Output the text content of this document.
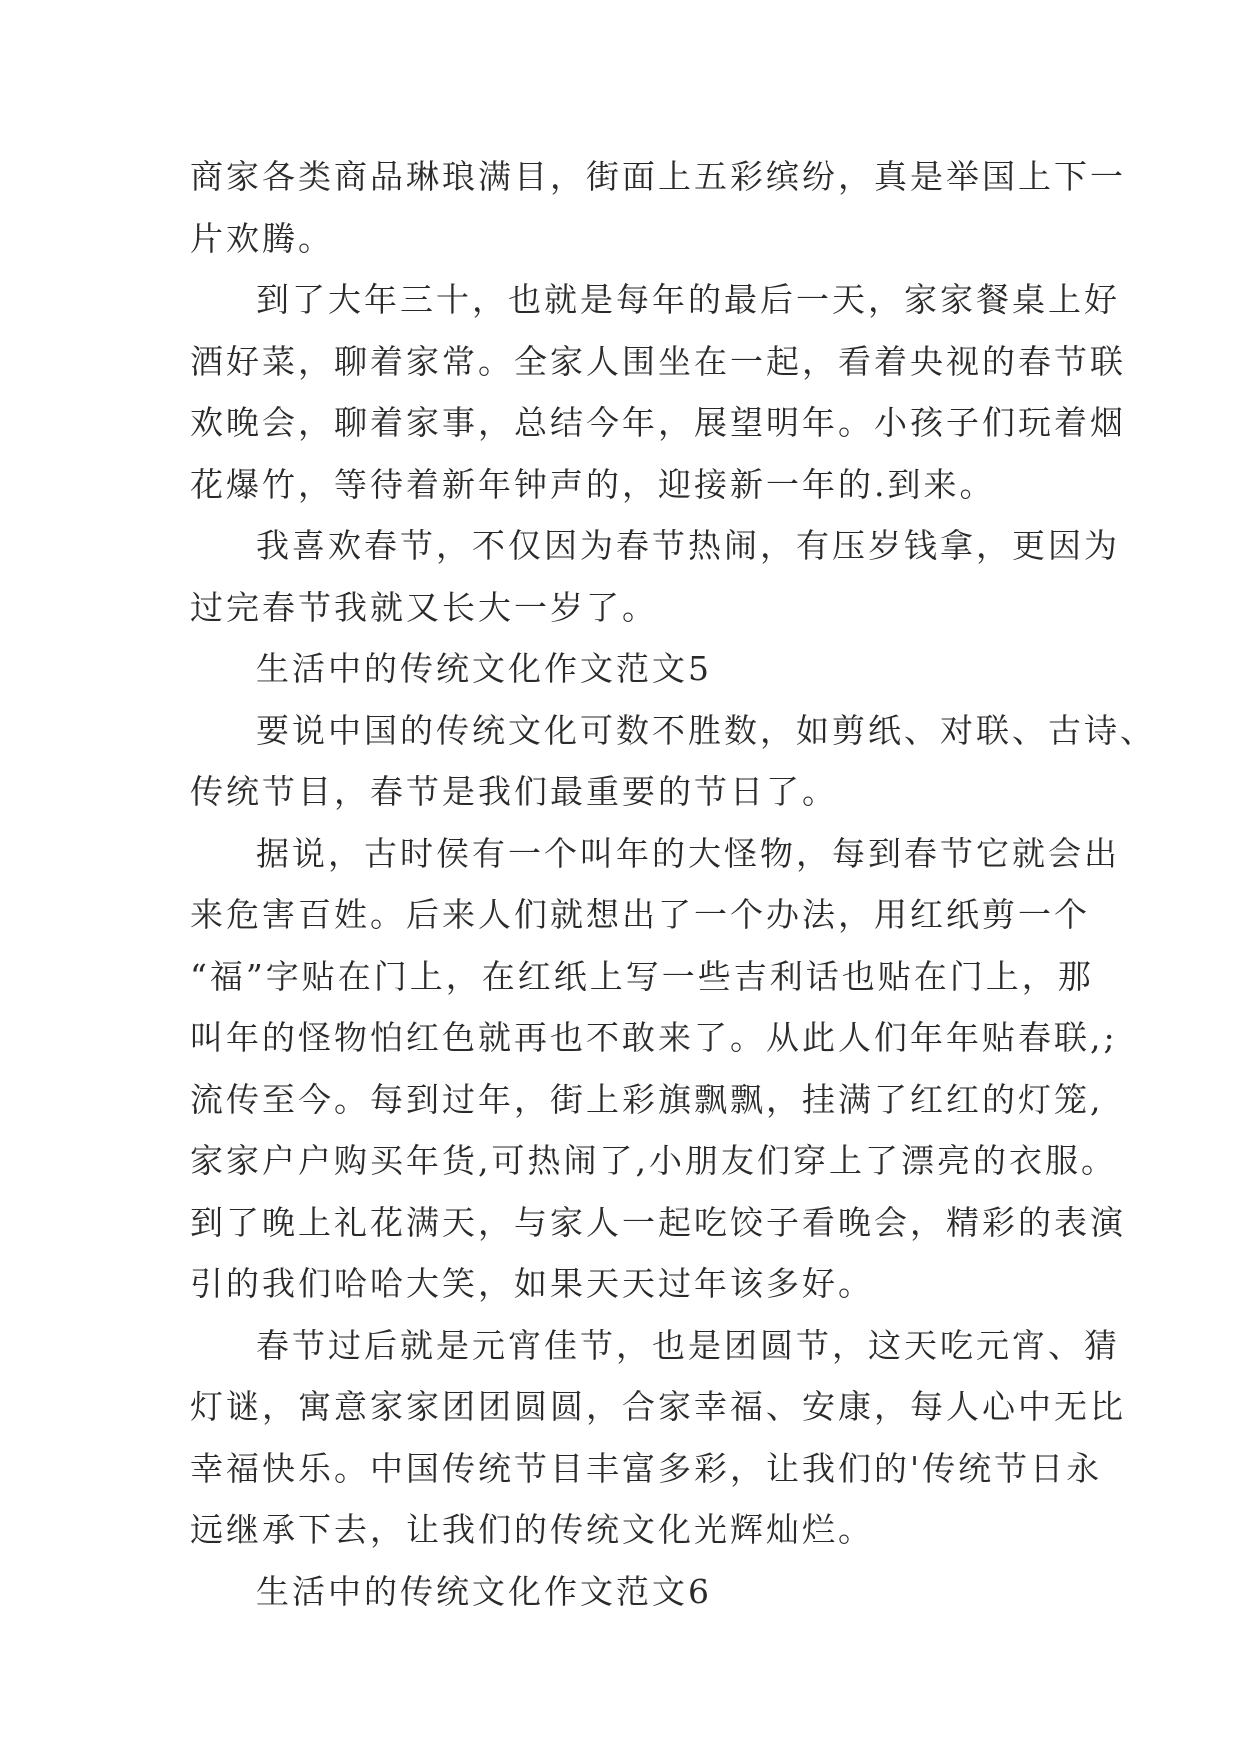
商家各类商品琳琅满目，街面上五彩缤纷，真是举国上下一
片欢腾。
到了大年三十，也就是每年的最后一天，家家餐桌上好
酒好菜，聊着家常。全家人围坐在一起，看着央视的春节联
欢晚会，聊着家事，总结今年，展望明年。小孩子们玩着烟
花爆竹，等待着新年钟声的，迎接新一年的.到来。
我喜欢春节，不仅因为春节热闹，有压岁钱拿，更因为
过完春节我就又长大一岁了。
生活中的传统文化作文范文5
要说中国的传统文化可数不胜数，如剪纸、对联、古诗、
传统节目，春节是我们最重要的节日了。
据说，古时侯有一个叫年的大怪物，每到春节它就会出
来危害百姓。后来人们就想出了一个办法，用红纸剪一个
“福”字贴在门上，在红纸上写一些吉利话也贴在门上，那
叫年的怪物怕红色就再也不敢来了。从此人们年年贴春联,;
流传至今。每到过年，街上彩旗飘飘，挂满了红红的灯笼,
家家户户购买年货,可热闹了,小朋友们穿上了漂亮的衣服。
到了晚上礼花满天，与家人一起吃饺子看晚会，精彩的表演
引的我们哈哈大笑，如果天天过年该多好。
春节过后就是元宵佳节，也是团圆节，这天吃元宵、猜
灯谜，寓意家家团团圆圆，合家幸福、安康，每人心中无比
幸福快乐。中国传统节目丰富多彩，让我们的'传统节日永
远继承下去，让我们的传统文化光辉灿烂。
生活中的传统文化作文范文6
